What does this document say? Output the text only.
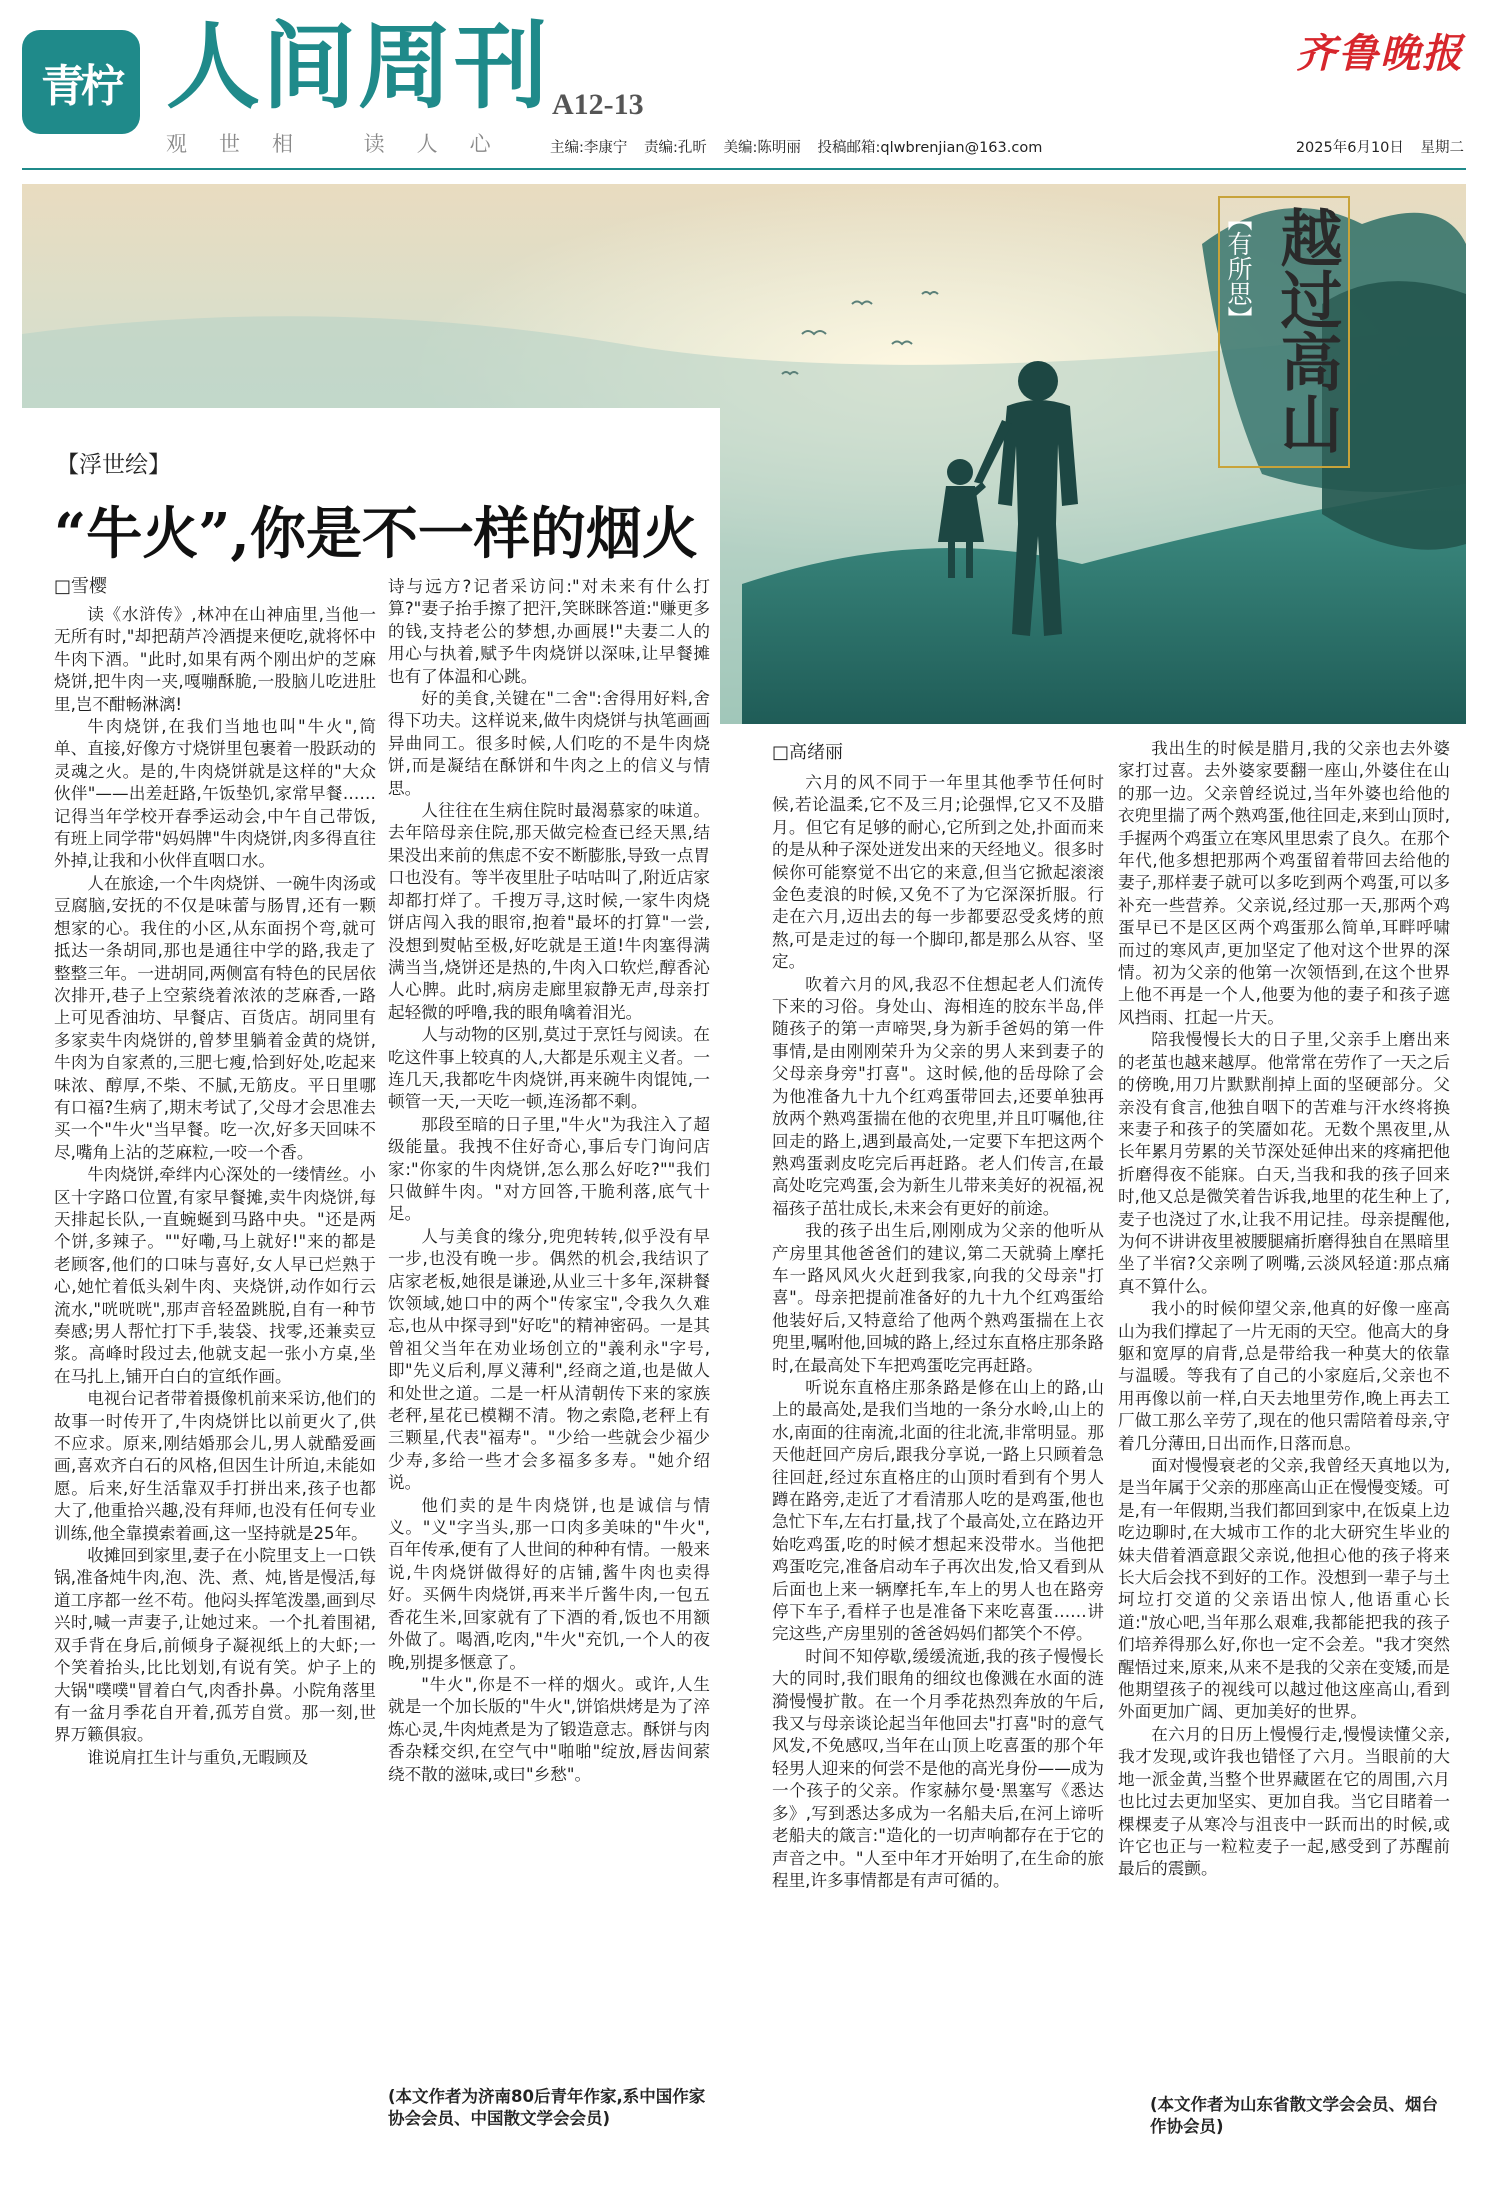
青柠 人间周刊 A12-13
观世相 读人心 主编:李康宁 责编:孔昕 美编:陈明丽 投稿邮箱:qlwbrenjian@163.com	2025年6月10日 星期二
齐鲁晚报
【有所思】 越过高山
【浮世绘】
“牛火”,你是不一样的烟火
□雪樱

读《水浒传》,林冲在山神庙里,当他一无所有时,"却把葫芦冷酒提来便吃,就将怀中牛肉下酒。"此时,如果有两个刚出炉的芝麻烧饼,把牛肉一夹,嘎嘣酥脆,一股脑儿吃进肚里,岂不酣畅淋漓!

牛肉烧饼,在我们当地也叫"牛火",简单、直接,好像方寸烧饼里包裹着一股跃动的灵魂之火。是的,牛肉烧饼就是这样的"大众伙伴"——出差赶路,午饭垫饥,家常早餐……记得当年学校开春季运动会,中午自己带饭,有班上同学带"妈妈牌"牛肉烧饼,肉多得直往外掉,让我和小伙伴直咽口水。

人在旅途,一个牛肉烧饼、一碗牛肉汤或豆腐脑,安抚的不仅是味蕾与肠胃,还有一颗想家的心。我住的小区,从东面拐个弯,就可抵达一条胡同,那也是通往中学的路,我走了整整三年。一进胡同,两侧富有特色的民居依次排开,巷子上空萦绕着浓浓的芝麻香,一路上可见香油坊、早餐店、百货店。胡同里有多家卖牛肉烧饼的,曾梦里躺着金黄的烧饼,牛肉为自家煮的,三肥七瘦,恰到好处,吃起来味浓、醇厚,不柴、不腻,无筋皮。平日里哪有口福?生病了,期末考试了,父母才会思准去买一个"牛火"当早餐。吃一次,好多天回味不尽,嘴角上沾的芝麻粒,一咬一个香。

牛肉烧饼,牵绊内心深处的一缕情丝。小区十字路口位置,有家早餐摊,卖牛肉烧饼,每天排起长队,一直蜿蜒到马路中央。"还是两个饼,多辣子。""好嘞,马上就好!"来的都是老顾客,他们的口味与喜好,女人早已烂熟于心,她忙着低头剁牛肉、夹烧饼,动作如行云流水,"咣咣咣",那声音轻盈跳脱,自有一种节奏感;男人帮忙打下手,装袋、找零,还兼卖豆浆。高峰时段过去,他就支起一张小方桌,坐在马扎上,铺开白白的宣纸作画。

电视台记者带着摄像机前来采访,他们的故事一时传开了,牛肉烧饼比以前更火了,供不应求。原来,刚结婚那会儿,男人就酷爱画画,喜欢齐白石的风格,但因生计所迫,未能如愿。后来,好生活靠双手打拼出来,孩子也都大了,他重拾兴趣,没有拜师,也没有任何专业训练,他全靠摸索着画,这一坚持就是25年。

收摊回到家里,妻子在小院里支上一口铁锅,准备炖牛肉,泡、洗、煮、炖,皆是慢活,每道工序都一丝不苟。他闷头挥笔泼墨,画到尽兴时,喊一声妻子,让她过来。一个扎着围裙,双手背在身后,前倾身子凝视纸上的大虾;一个笑着抬头,比比划划,有说有笑。炉子上的大锅"噗噗"冒着白气,肉香扑鼻。小院角落里有一盆月季花自开着,孤芳自赏。那一刻,世界万籁俱寂。

谁说肩扛生计与重负,无暇顾及

诗与远方?记者采访问:"对未来有什么打算?"妻子抬手擦了把汗,笑眯眯答道:"赚更多的钱,支持老公的梦想,办画展!"夫妻二人的用心与执着,赋予牛肉烧饼以深味,让早餐摊也有了体温和心跳。

好的美食,关键在"二舍":舍得用好料,舍得下功夫。这样说来,做牛肉烧饼与执笔画画异曲同工。很多时候,人们吃的不是牛肉烧饼,而是凝结在酥饼和牛肉之上的信义与情思。

人往往在生病住院时最渴慕家的味道。去年陪母亲住院,那天做完检查已经天黑,结果没出来前的焦虑不安不断膨胀,导致一点胃口也没有。等半夜里肚子咕咕叫了,附近店家却都打烊了。千搜万寻,这时候,一家牛肉烧饼店闯入我的眼帘,抱着"最坏的打算"一尝,没想到熨帖至极,好吃就是王道!牛肉塞得满满当当,烧饼还是热的,牛肉入口软烂,醇香沁人心脾。此时,病房走廊里寂静无声,母亲打起轻微的呼噜,我的眼角噙着泪光。

人与动物的区别,莫过于烹饪与阅读。在吃这件事上较真的人,大都是乐观主义者。一连几天,我都吃牛肉烧饼,再来碗牛肉馄饨,一顿管一天,一天吃一顿,连汤都不剩。

那段至暗的日子里,"牛火"为我注入了超级能量。我拽不住好奇心,事后专门询问店家:"你家的牛肉烧饼,怎么那么好吃?""我们只做鲜牛肉。"对方回答,干脆利落,底气十足。

人与美食的缘分,兜兜转转,似乎没有早一步,也没有晚一步。偶然的机会,我结识了店家老板,她很是谦逊,从业三十多年,深耕餐饮领域,她口中的两个"传家宝",令我久久难忘,也从中探寻到"好吃"的精神密码。一是其曾祖父当年在劝业场创立的"義利永"字号,即"先义后利,厚义薄利",经商之道,也是做人和处世之道。二是一杆从清朝传下来的家族老秤,星花已模糊不清。物之索隐,老秤上有三颗星,代表"福寿"。"少给一些就会少福少少寿,多给一些才会多福多多寿。"她介绍说。

他们卖的是牛肉烧饼,也是诚信与情义。"义"字当头,那一口肉多美味的"牛火",百年传承,便有了人世间的种种有情。一般来说,牛肉烧饼做得好的店铺,酱牛肉也卖得好。买俩牛肉烧饼,再来半斤酱牛肉,一包五香花生米,回家就有了下酒的肴,饭也不用额外做了。喝酒,吃肉,"牛火"充饥,一个人的夜晚,别提多惬意了。

"牛火",你是不一样的烟火。或许,人生就是一个加长版的"牛火",饼馅烘烤是为了淬炼心灵,牛肉炖煮是为了锻造意志。酥饼与肉香杂糅交织,在空气中"啪啪"绽放,唇齿间萦绕不散的滋味,或曰"乡愁"。

(本文作者为济南80后青年作家,系中国作家协会会员、中国散文学会会员)
□高绪丽

六月的风不同于一年里其他季节任何时候,若论温柔,它不及三月;论强悍,它又不及腊月。但它有足够的耐心,它所到之处,扑面而来的是从种子深处迸发出来的天经地义。很多时候你可能察觉不出它的来意,但当它掀起滚滚金色麦浪的时候,又免不了为它深深折服。行走在六月,迈出去的每一步都要忍受炙烤的煎熬,可是走过的每一个脚印,都是那么从容、坚定。

吹着六月的风,我忍不住想起老人们流传下来的习俗。身处山、海相连的胶东半岛,伴随孩子的第一声啼哭,身为新手爸妈的第一件事情,是由刚刚荣升为父亲的男人来到妻子的父母亲身旁"打喜"。这时候,他的岳母除了会为他准备九十九个红鸡蛋带回去,还要单独再放两个熟鸡蛋揣在他的衣兜里,并且叮嘱他,往回走的路上,遇到最高处,一定要下车把这两个熟鸡蛋剥皮吃完后再赶路。老人们传言,在最高处吃完鸡蛋,会为新生儿带来美好的祝福,祝福孩子茁壮成长,未来会有更好的前途。

我的孩子出生后,刚刚成为父亲的他听从产房里其他爸爸们的建议,第二天就骑上摩托车一路风风火火赶到我家,向我的父母亲"打喜"。母亲把提前准备好的九十九个红鸡蛋给他装好后,又特意给了他两个熟鸡蛋揣在上衣兜里,嘱咐他,回城的路上,经过东直格庄那条路时,在最高处下车把鸡蛋吃完再赶路。

听说东直格庄那条路是修在山上的路,山上的最高处,是我们当地的一条分水岭,山上的水,南面的往南流,北面的往北流,非常明显。那天他赶回产房后,跟我分享说,一路上只顾着急往回赶,经过东直格庄的山顶时看到有个男人蹲在路旁,走近了才看清那人吃的是鸡蛋,他也急忙下车,左右打量,找了个最高处,立在路边开始吃鸡蛋,吃的时候才想起来没带水。当他把鸡蛋吃完,准备启动车子再次出发,恰又看到从后面也上来一辆摩托车,车上的男人也在路旁停下车子,看样子也是准备下来吃喜蛋……讲完这些,产房里别的爸爸妈妈们都笑个不停。

时间不知停歇,缓缓流逝,我的孩子慢慢长大的同时,我们眼角的细纹也像溅在水面的涟漪慢慢扩散。在一个月季花热烈奔放的午后,我又与母亲谈论起当年他回去"打喜"时的意气风发,不免感叹,当年在山顶上吃喜蛋的那个年轻男人迎来的何尝不是他的高光身份——成为一个孩子的父亲。作家赫尔曼·黑塞写《悉达多》,写到悉达多成为一名船夫后,在河上谛听老船夫的箴言:"造化的一切声响都存在于它的声音之中。"人至中年才开始明了,在生命的旅程里,许多事情都是有声可循的。

我出生的时候是腊月,我的父亲也去外婆家打过喜。去外婆家要翻一座山,外婆住在山的那一边。父亲曾经说过,当年外婆也给他的衣兜里揣了两个熟鸡蛋,他往回走,来到山顶时,手握两个鸡蛋立在寒风里思索了良久。在那个年代,他多想把那两个鸡蛋留着带回去给他的妻子,那样妻子就可以多吃到两个鸡蛋,可以多补充一些营养。父亲说,经过那一天,那两个鸡蛋早已不是区区两个鸡蛋那么简单,耳畔呼啸而过的寒风声,更加坚定了他对这个世界的深情。初为父亲的他第一次领悟到,在这个世界上他不再是一个人,他要为他的妻子和孩子遮风挡雨、扛起一片天。

陪我慢慢长大的日子里,父亲手上磨出来的老茧也越来越厚。他常常在劳作了一天之后的傍晚,用刀片默默削掉上面的坚硬部分。父亲没有食言,他独自咽下的苦难与汗水终将换来妻子和孩子的笑靥如花。无数个黑夜里,从长年累月劳累的关节深处延伸出来的疼痛把他折磨得夜不能寐。白天,当我和我的孩子回来时,他又总是微笑着告诉我,地里的花生种上了,麦子也浇过了水,让我不用记挂。母亲提醒他,为何不讲讲夜里被腰腿痛折磨得独自在黑暗里坐了半宿?父亲咧了咧嘴,云淡风轻道:那点痛真不算什么。

我小的时候仰望父亲,他真的好像一座高山为我们撑起了一片无雨的天空。他高大的身躯和宽厚的肩背,总是带给我一种莫大的依靠与温暖。等我有了自己的小家庭后,父亲也不用再像以前一样,白天去地里劳作,晚上再去工厂做工那么辛劳了,现在的他只需陪着母亲,守着几分薄田,日出而作,日落而息。

面对慢慢衰老的父亲,我曾经天真地以为,是当年属于父亲的那座高山正在慢慢变矮。可是,有一年假期,当我们都回到家中,在饭桌上边吃边聊时,在大城市工作的北大研究生毕业的妹夫借着酒意跟父亲说,他担心他的孩子将来长大后会找不到好的工作。没想到一辈子与土坷垃打交道的父亲语出惊人,他语重心长道:"放心吧,当年那么艰难,我都能把我的孩子们培养得那么好,你也一定不会差。"我才突然醒悟过来,原来,从来不是我的父亲在变矮,而是他期望孩子的视线可以越过他这座高山,看到外面更加广阔、更加美好的世界。

在六月的日历上慢慢行走,慢慢读懂父亲,我才发现,或许我也错怪了六月。当眼前的大地一派金黄,当整个世界藏匿在它的周围,六月也比过去更加坚实、更加自我。当它目睹着一棵棵麦子从寒冷与沮丧中一跃而出的时候,或许它也正与一粒粒麦子一起,感受到了苏醒前最后的震颤。

(本文作者为山东省散文学会会员、烟台作协会员)
